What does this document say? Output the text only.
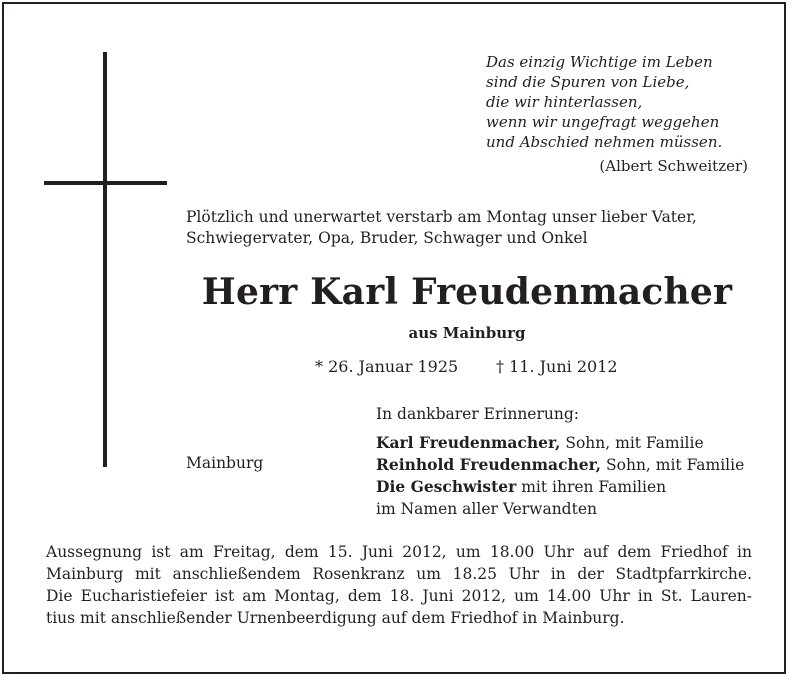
Das einzig Wichtige im Leben
sind die Spuren von Liebe,
die wir hinterlassen,
wenn wir ungefragt weggehen
und Abschied nehmen müssen.
(Albert Schweitzer)
Plötzlich und unerwartet verstarb am Montag unser lieber Vater,
Schwiegervater, Opa, Bruder, Schwager und Onkel
Herr Karl Freudenmacher
aus Mainburg
* 26. Januar 1925 † 11. Juni 2012
In dankbarer Erinnerung:
Mainburg
Karl Freudenmacher, Sohn, mit Familie
Reinhold Freudenmacher, Sohn, mit Familie
Die Geschwister mit ihren Familien
im Namen aller Verwandten
Aussegnung ist am Freitag, dem 15. Juni 2012, um 18.00 Uhr auf dem Friedhof in
Mainburg mit anschließendem Rosenkranz um 18.25 Uhr in der Stadtpfarrkirche.
Die Eucharistiefeier ist am Montag, dem 18. Juni 2012, um 14.00 Uhr in St. Lauren-
tius mit anschließender Urnenbeerdigung auf dem Friedhof in Mainburg.
